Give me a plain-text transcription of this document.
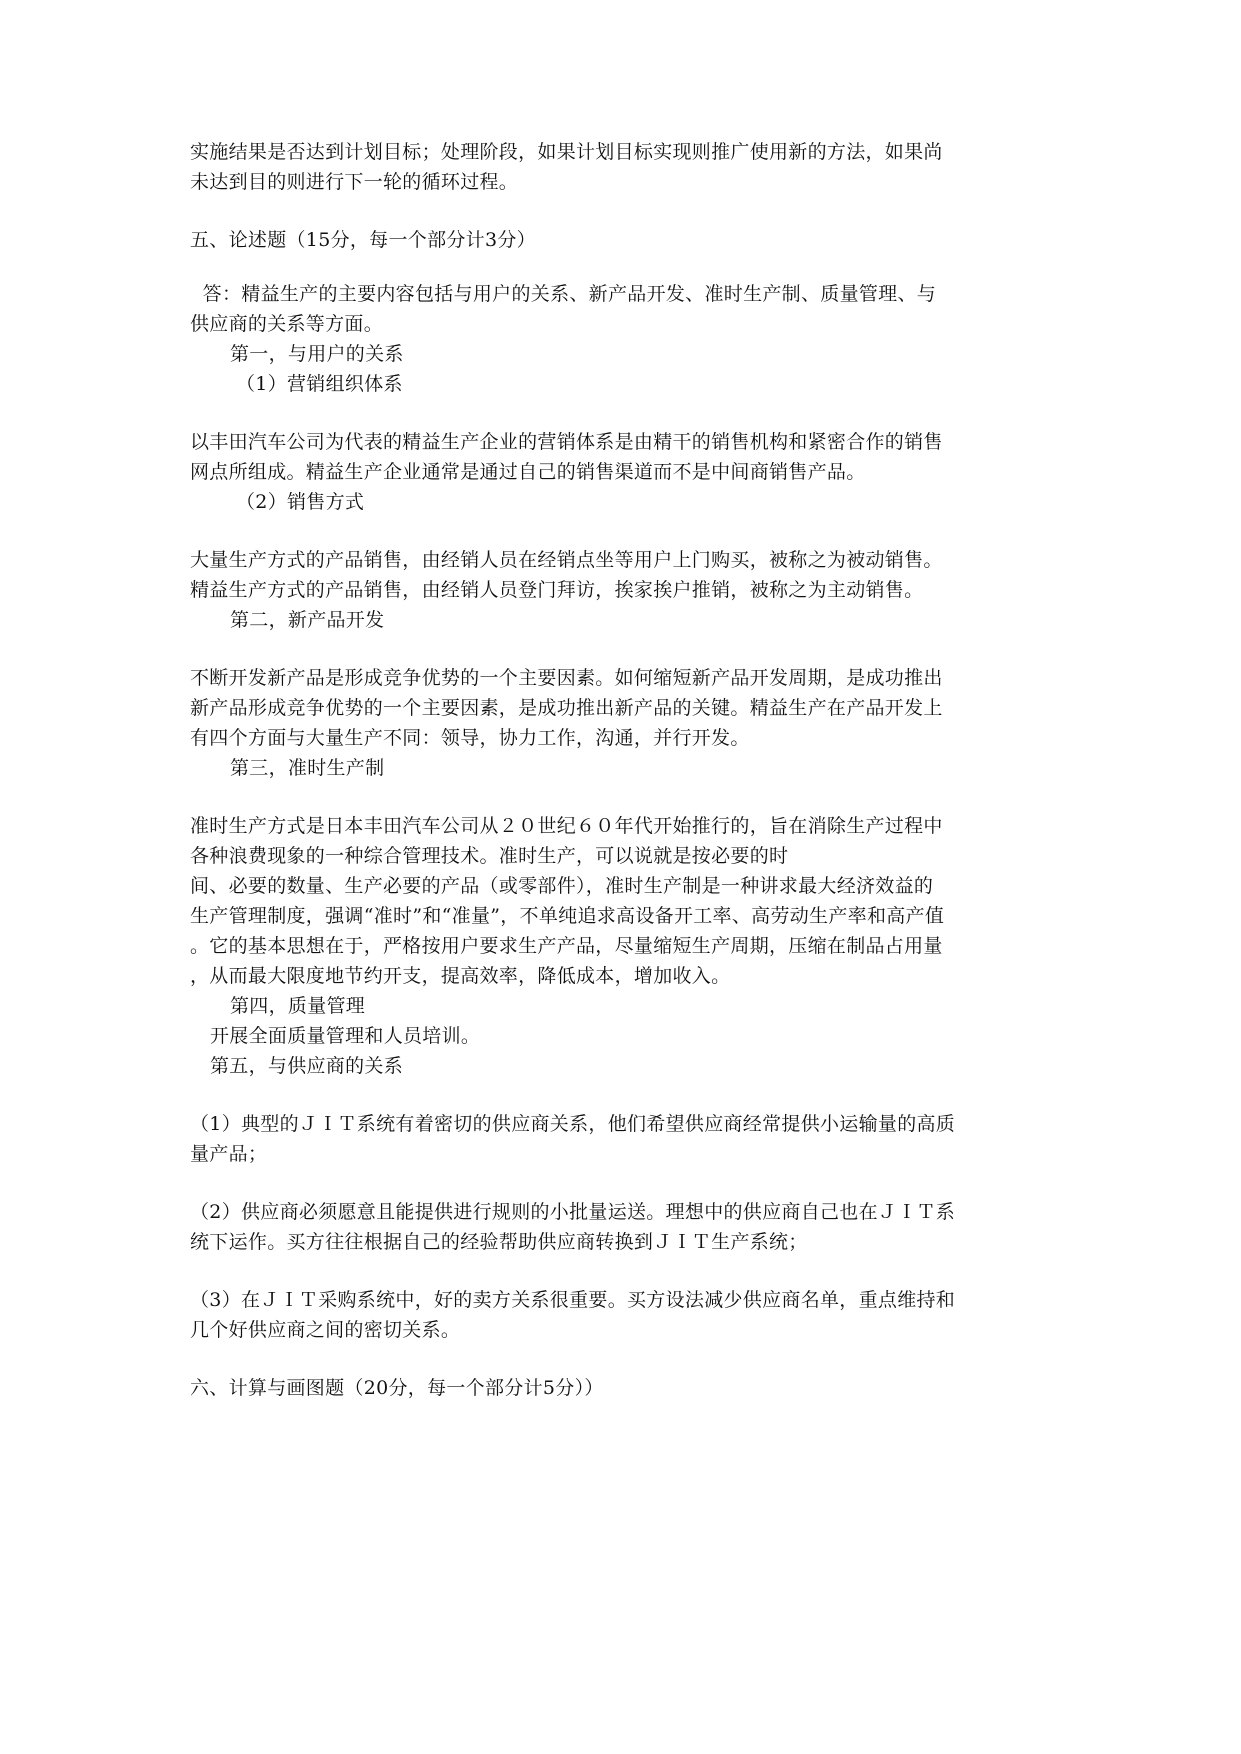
实施结果是否达到计划目标；处理阶段，如果计划目标实现则推广使用新的方法，如果尚
未达到目的则进行下一轮的循环过程。
五、论述题（15分，每一个部分计3分）
答：精益生产的主要内容包括与用户的关系、新产品开发、准时生产制、质量管理、与
供应商的关系等方面。
第一，与用户的关系
（1）营销组织体系
以丰田汽车公司为代表的精益生产企业的营销体系是由精干的销售机构和紧密合作的销售
网点所组成。精益生产企业通常是通过自己的销售渠道而不是中间商销售产品。
（2）销售方式
大量生产方式的产品销售，由经销人员在经销点坐等用户上门购买，被称之为被动销售。
精益生产方式的产品销售，由经销人员登门拜访，挨家挨户推销，被称之为主动销售。
第二，新产品开发
不断开发新产品是形成竞争优势的一个主要因素。如何缩短新产品开发周期，是成功推出
新产品形成竞争优势的一个主要因素，是成功推出新产品的关键。精益生产在产品开发上
有四个方面与大量生产不同：领导，协力工作，沟通，并行开发。
第三，准时生产制
准时生产方式是日本丰田汽车公司从２０世纪６０年代开始推行的，旨在消除生产过程中
各种浪费现象的一种综合管理技术。准时生产，可以说就是按必要的时
间、必要的数量、生产必要的产品（或零部件），准时生产制是一种讲求最大经济效益的
生产管理制度，强调“准时”和“准量”，不单纯追求高设备开工率、高劳动生产率和高产值
。它的基本思想在于，严格按用户要求生产产品，尽量缩短生产周期，压缩在制品占用量
，从而最大限度地节约开支，提高效率，降低成本，增加收入。
第四，质量管理
开展全面质量管理和人员培训。
第五，与供应商的关系
（1）典型的ＪＩＴ系统有着密切的供应商关系，他们希望供应商经常提供小运输量的高质
量产品；
（2）供应商必须愿意且能提供进行规则的小批量运送。理想中的供应商自己也在ＪＩＴ系
统下运作。买方往往根据自己的经验帮助供应商转换到ＪＩＴ生产系统；
（3）在ＪＩＴ采购系统中，好的卖方关系很重要。买方设法减少供应商名单，重点维持和
几个好供应商之间的密切关系。
六、计算与画图题（20分，每一个部分计5分））
